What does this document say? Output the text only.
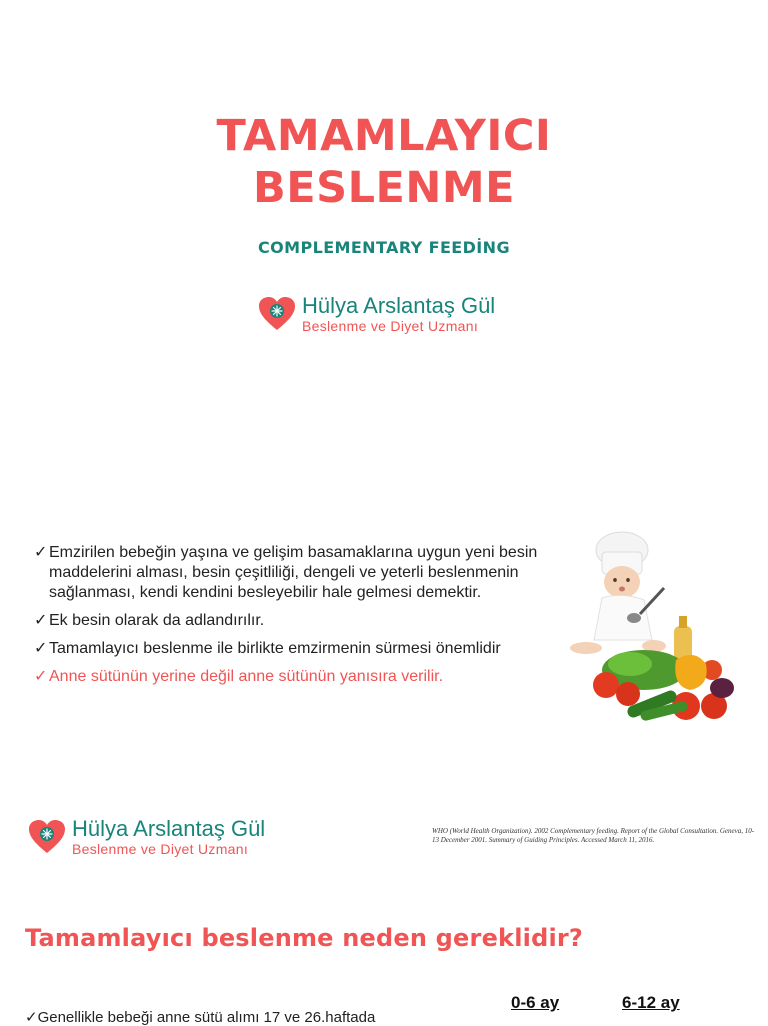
TAMAMLAYICI
BESLENME
COMPLEMENTARY FEEDİNG
Hülya Arslantaş Gül
Beslenme ve Diyet Uzmanı
✓ Emzirilen bebeğin yaşına ve gelişim basamaklarına uygun yeni besin maddelerini alması, besin çeşitliliği, dengeli ve yeterli beslenmenin sağlanması, kendi kendini besleyebilir hale gelmesi demektir.
✓ Ek besin olarak da adlandırılır.
✓ Tamamlayıcı beslenme ile birlikte emzirmenin sürmesi önemlidir
✓ Anne sütünün yerine değil anne sütünün yanısıra verilir.
Hülya Arslantaş Gül
Beslenme ve Diyet Uzmanı
WHO (World Health Organization). 2002 Complementary feeding. Report of the Global Consultation. Geneva, 10-13 December 2001. Summary of Guiding Principles. Accessed March 11, 2016.
Tamamlayıcı beslenme neden gereklidir?
✓Genellikle bebeği anne sütü alımı 17 ve 26.haftada
0-6 ay	6-12 ay
